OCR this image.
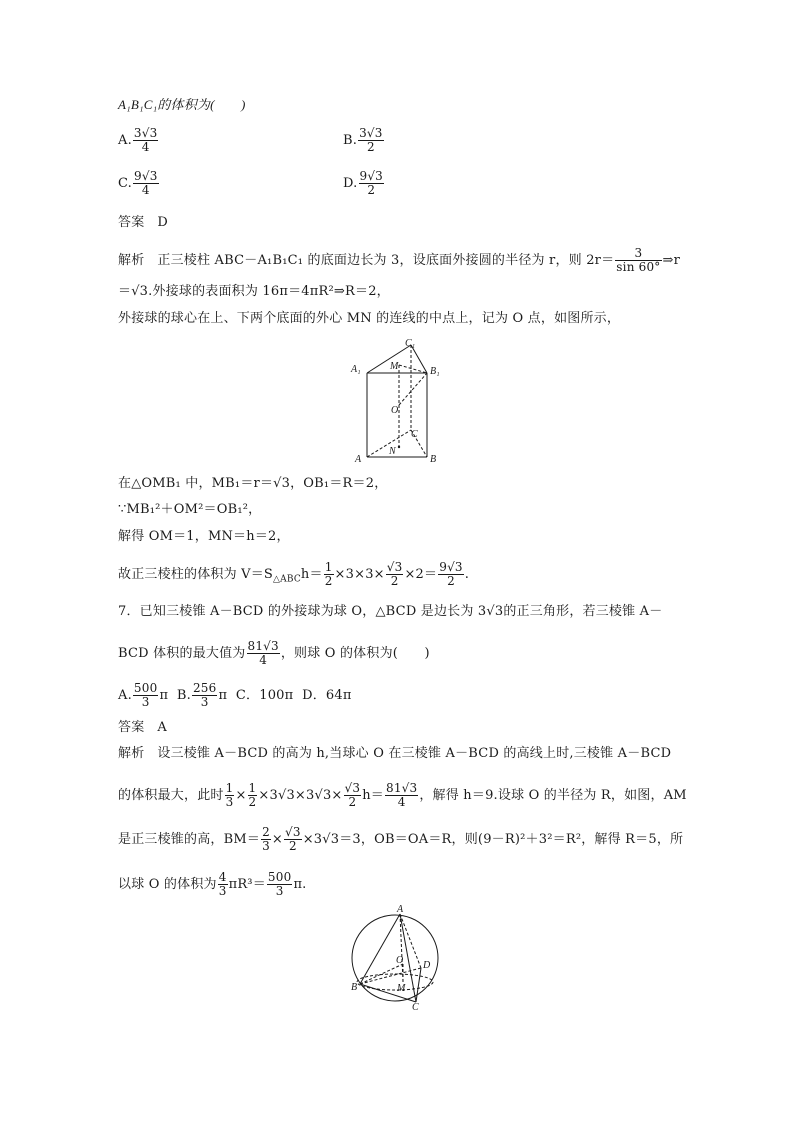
A₁B₁C₁的体积为(　　)
A. $\frac{3√3}{4}$	B. $\frac{3√3}{2}$
C. $\frac{9√3}{4}$	D. $\frac{9√3}{2}$
答案 D
解析 正三棱柱 ABC－A₁B₁C₁ 的底面边长为 3，设底面外接圆的半径为 r，则 $2r= \frac{3}{\sin 60^\circ}$ ⇒r
＝√3.外接球的表面积为 16π＝4πR²⇒R＝2，
外接球的球心在上、下两个底面的外心 MN 的连线的中点上，记为 O 点，如图所示，
C₁
A₁	M	B₁
O
C
A
N
B
在△OMB₁ 中，MB₁＝r＝√3，OB₁＝R＝2，
∵MB₁²＋OM²＝OB₁²，
解得 OM＝1，MN＝h＝2，
故正三棱柱的体积为 $V=S_{\triangle ABC}h= \frac{1}{2} \times 3\times 3\times \frac{√3}{2} \times 2= \frac{9√3}{2}$ .
7．已知三棱锥 A－BCD 的外接球为球 O，△BCD 是边长为 3√3的正三角形，若三棱锥 A－
BCD 体积的最大值为 $\frac{81√3}{4}$ ，则球 O 的体积为(　　)
A. $\frac{500}{3}$ π B. $\frac{256}{3}$ π C．100π D．64π
答案 A
解析 设三棱锥 A－BCD 的高为 h,当球心 O 在三棱锥 A－BCD 的高线上时,三棱锥 A－BCD
的体积最大，此时 $\frac{1}{3} \times \frac{1}{2} \times 3√3\times 3√3\times \frac{√3}{2} h= \frac{81√3}{4}$ ，解得 h＝9.设球 O 的半径为 R，如图，AM
是正三棱锥的高，$BM= \frac{2}{3} \times \frac{√3}{2} \times 3√3=3$，OB＝OA＝R，则(9－R)²＋3²＝R²，解得 R＝5，所
以球 O 的体积为 $\frac{4}{3} \pi R^3= \frac{500}{3} \pi$.
A
O D
B	M
C
